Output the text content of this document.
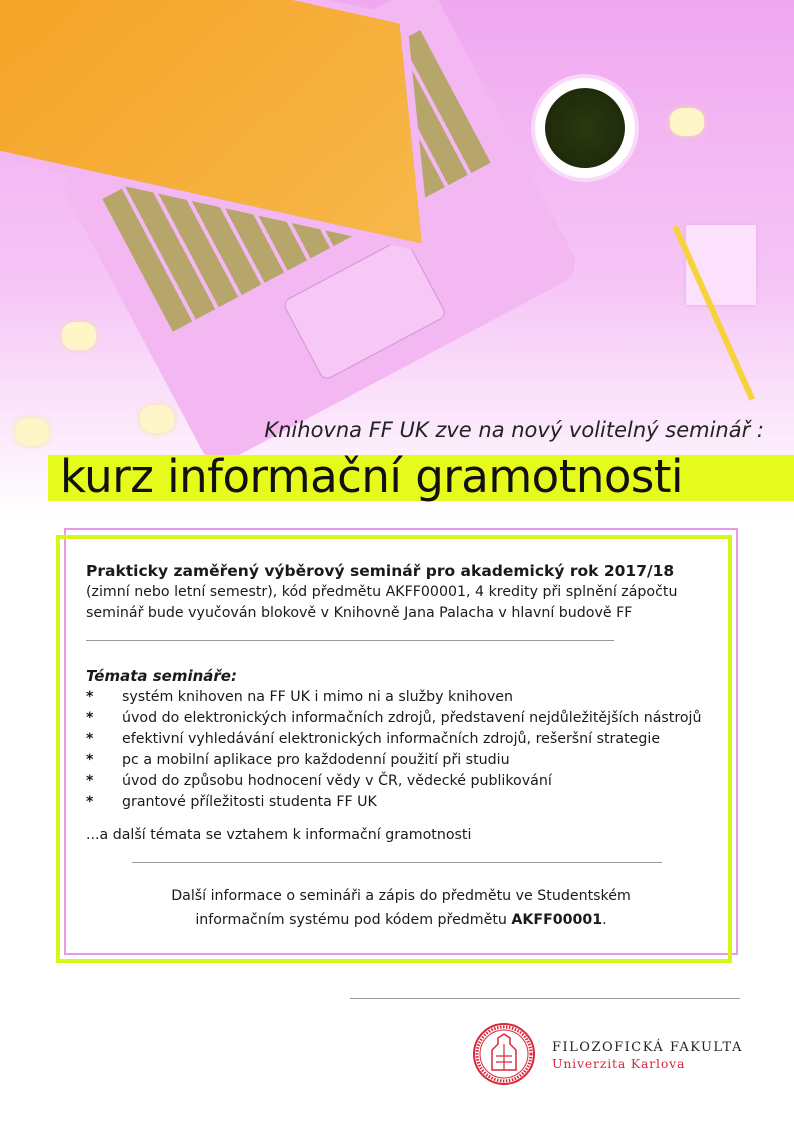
Knihovna FF UK zve na nový volitelný seminář :
kurz informační gramotnosti
Prakticky zaměřený výběrový seminář pro akademický rok 2017/18
(zimní nebo letní semestr), kód předmětu AKFF00001, 4 kredity při splnění zápočtu
seminář bude vyučován blokově v Knihovně Jana Palacha v hlavní budově FF
Témata semináře:
*	systém knihoven na FF UK i mimo ni a služby knihoven
*	úvod do elektronických informačních zdrojů, představení nejdůležitějších nástrojů
*	efektivní vyhledávání elektronických informačních zdrojů, rešeršní strategie
*	pc a mobilní aplikace pro každodenní použití při studiu
*	úvod do způsobu hodnocení vědy v ČR, vědecké publikování
*	grantové příležitosti studenta FF UK
...a další témata se vztahem k informační gramotnosti
Další informace o semináři a zápis do předmětu ve Studentském
informačním systému pod kódem předmětu AKFF00001.
FILOZOFICKÁ FAKULTA
Univerzita Karlova
